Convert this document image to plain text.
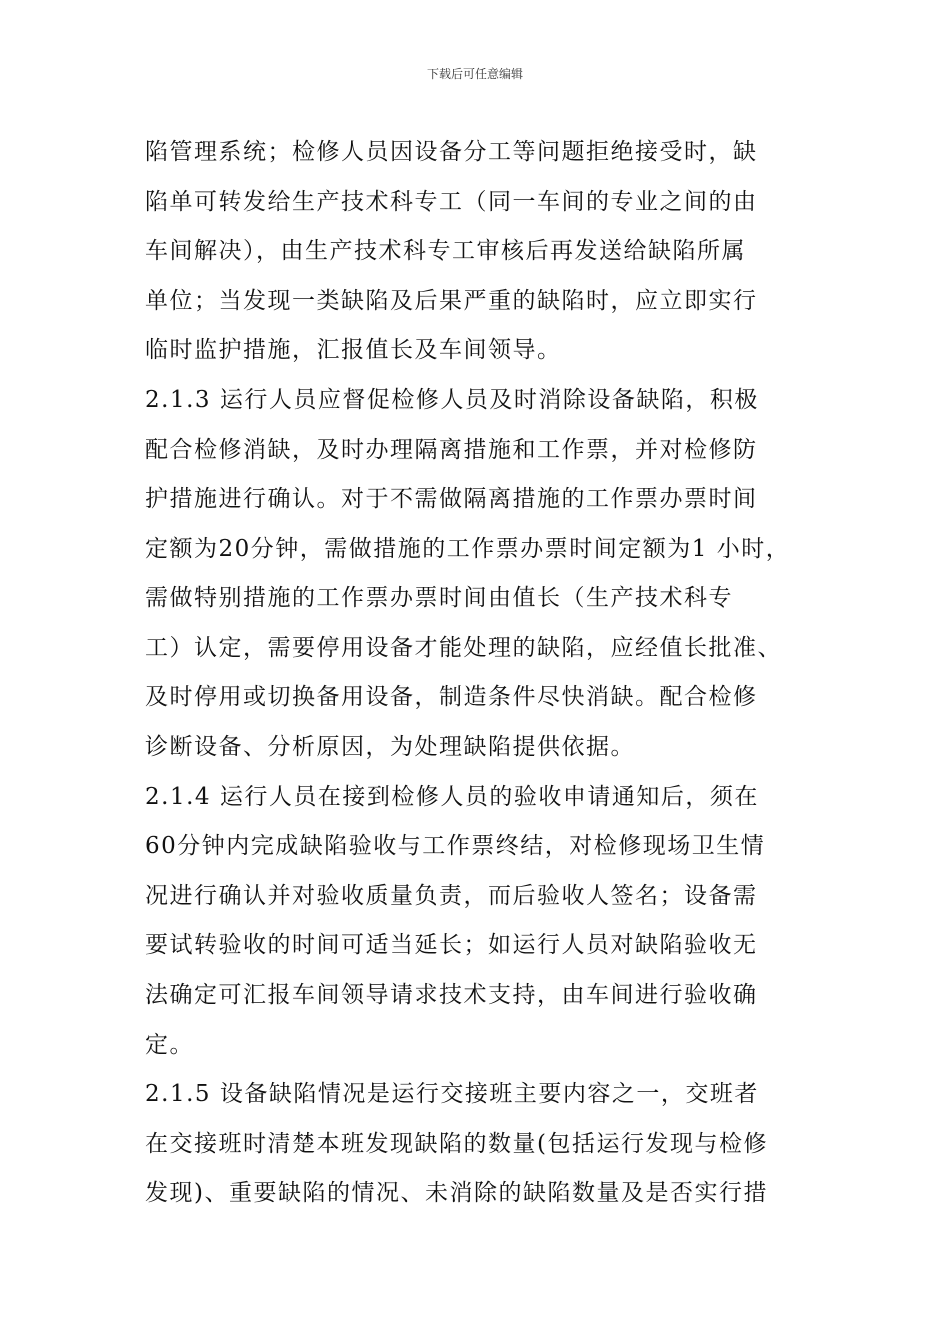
下载后可任意编辑
陷管理系统；检修人员因设备分工等问题拒绝接受时，缺
陷单可转发给生产技术科专工（同一车间的专业之间的由
车间解决），由生产技术科专工审核后再发送给缺陷所属
单位；当发现一类缺陷及后果严重的缺陷时，应立即实行
临时监护措施，汇报值长及车间领导。
2.1.3 运行人员应督促检修人员及时消除设备缺陷，积极
配合检修消缺，及时办理隔离措施和工作票，并对检修防
护措施进行确认。对于不需做隔离措施的工作票办票时间
定额为20分钟，需做措施的工作票办票时间定额为1 小时，
需做特别措施的工作票办票时间由值长（生产技术科专
工）认定，需要停用设备才能处理的缺陷，应经值长批准、
及时停用或切换备用设备，制造条件尽快消缺。配合检修
诊断设备、分析原因，为处理缺陷提供依据。
2.1.4 运行人员在接到检修人员的验收申请通知后，须在
60分钟内完成缺陷验收与工作票终结，对检修现场卫生情
况进行确认并对验收质量负责，而后验收人签名；设备需
要试转验收的时间可适当延长；如运行人员对缺陷验收无
法确定可汇报车间领导请求技术支持，由车间进行验收确
定。
2.1.5 设备缺陷情况是运行交接班主要内容之一，交班者
在交接班时清楚本班发现缺陷的数量(包括运行发现与检修
发现)、重要缺陷的情况、未消除的缺陷数量及是否实行措
